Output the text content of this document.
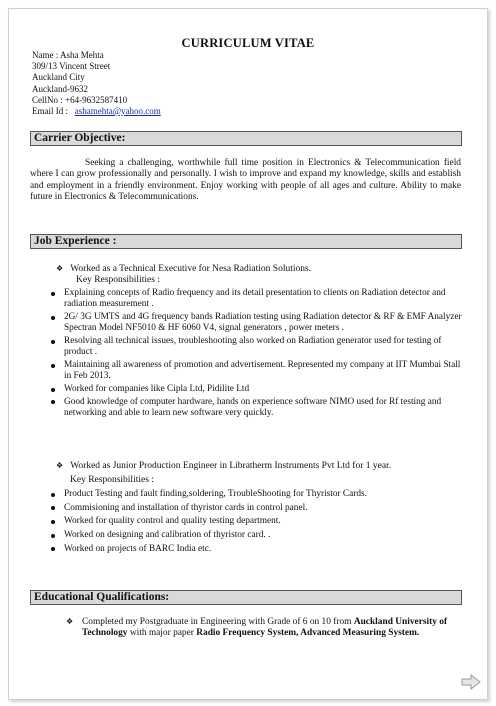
CURRICULUM VITAE
Name : Asha Mehta
309/13 Vincent Street
Auckland City
Auckland-9632
CellNo : +64-9632587410
Email Id : ashamehta@yahoo.com
Carrier Objective:
Seeking a challenging, worthwhile full time position in Electronics & Telecommunication field where I can grow professionally and personally. I wish to improve and expand my knowledge, skills and establish and employment in a friendly environment. Enjoy working with people of all ages and culture. Ability to make future in Electronics & Telecommunications.
Job Experience :
❖ Worked as a Technical Executive for Nesa Radiation Solutions.
Key Responsibilities :
Explaining concepts of Radio frequency and its detail presentation to clients on Radiation detector and radiation measurement .
2G/ 3G UMTS and 4G frequency bands Radiation testing using Radiation detector & RF & EMF Analyzer Spectran Model NF5010 & HF 6060 V4, signal generators , power meters .
Resolving all technical issues, troubleshooting also worked on Radiation generator used for testing of product .
Maintaining all awareness of promotion and advertisement. Represented my company at IIT Mumbai Stall in Feb 2013.
Worked for companies like Cipla Ltd, Pidilite Ltd
Good knowledge of computer hardware, hands on experience software NIMO used for Rf testing and networking and able to learn new software very quickly.
❖ Worked as Junior Production Engineer in Libratherm Instruments Pvt Ltd for 1 year.
Key Responsibilities :
Product Testing and fault finding,soldering, TroubleShooting for Thyristor Cards.
Commisioning and installation of thyristor cards in control panel.
Worked for quality control and quality testing department.
Worked on designing and calibration of thyristor card. .
Worked on projects of BARC India etc.
Educational Qualifications:
❖ Completed my Postgraduate in Engineering with Grade of 6 on 10 from Auckland University of Technology with major paper Radio Frequency System, Advanced Measuring System.
